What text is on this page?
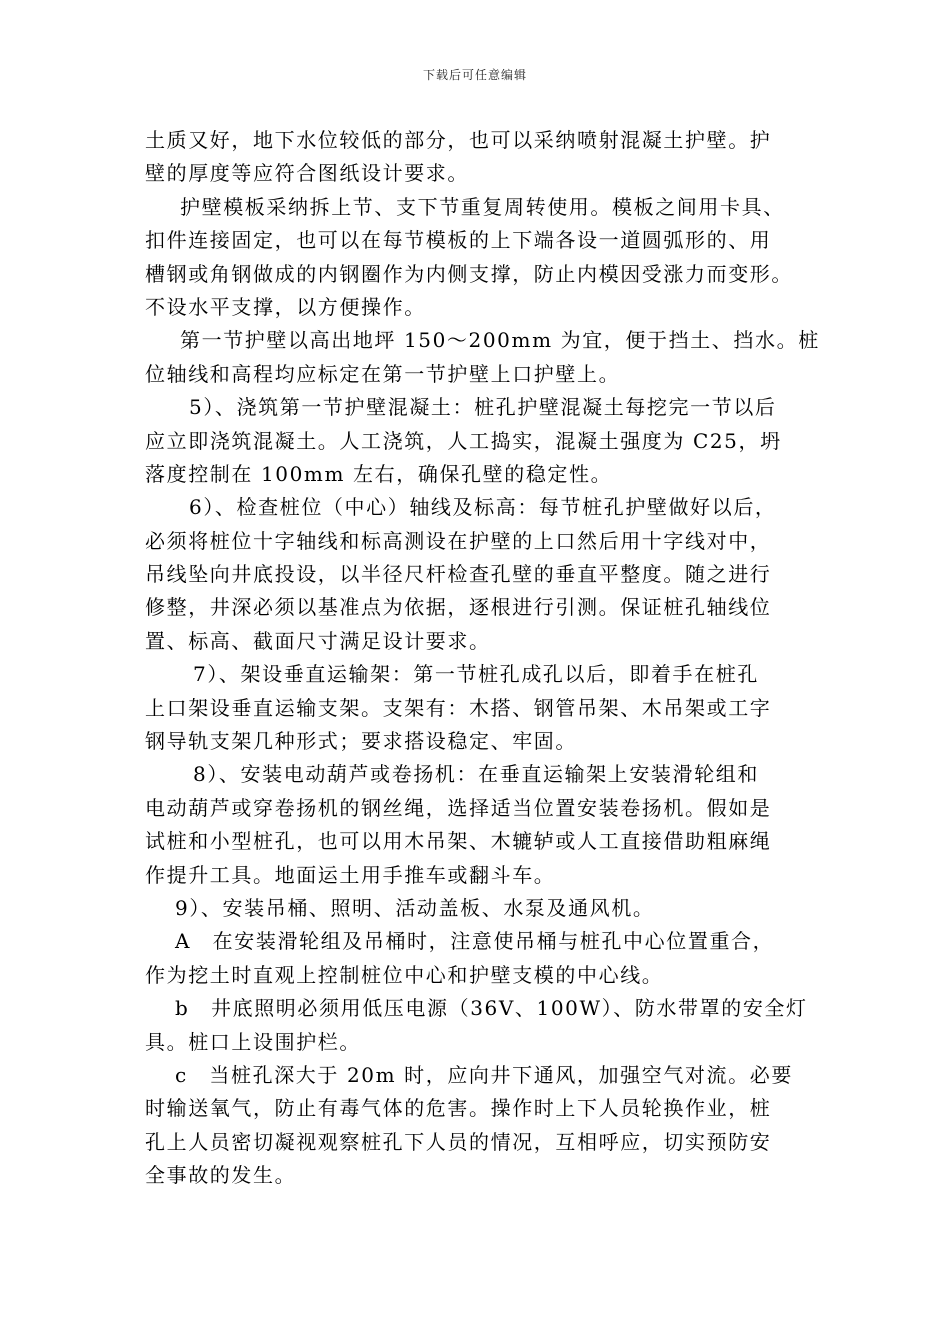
下载后可任意编辑
土质又好，地下水位较低的部分，也可以采纳喷射混凝土护壁。护
壁的厚度等应符合图纸设计要求。
护壁模板采纳拆上节、支下节重复周转使用。模板之间用卡具、
扣件连接固定，也可以在每节模板的上下端各设一道圆弧形的、用
槽钢或角钢做成的内钢圈作为内侧支撑，防止内模因受涨力而变形。
不设水平支撑，以方便操作。
第一节护壁以高出地坪 150～200mm 为宜，便于挡土、挡水。桩
位轴线和高程均应标定在第一节护壁上口护壁上。
5）、浇筑第一节护壁混凝土：桩孔护壁混凝土每挖完一节以后
应立即浇筑混凝土。人工浇筑，人工捣实，混凝土强度为 C25，坍
落度控制在 100mm 左右，确保孔壁的稳定性。
6）、检查桩位（中心）轴线及标高：每节桩孔护壁做好以后，
必须将桩位十字轴线和标高测设在护壁的上口然后用十字线对中，
吊线坠向井底投设，以半径尺杆检查孔壁的垂直平整度。随之进行
修整，井深必须以基准点为依据，逐根进行引测。保证桩孔轴线位
置、标高、截面尺寸满足设计要求。
7）、架设垂直运输架：第一节桩孔成孔以后，即着手在桩孔
上口架设垂直运输支架。支架有：木搭、钢管吊架、木吊架或工字
钢导轨支架几种形式；要求搭设稳定、牢固。
8）、安装电动葫芦或卷扬机：在垂直运输架上安装滑轮组和
电动葫芦或穿卷扬机的钢丝绳，选择适当位置安装卷扬机。假如是
试桩和小型桩孔，也可以用木吊架、木辘轳或人工直接借助粗麻绳
作提升工具。地面运土用手推车或翻斗车。
9）、安装吊桶、照明、活动盖板、水泵及通风机。
A　在安装滑轮组及吊桶时，注意使吊桶与桩孔中心位置重合，
作为挖土时直观上控制桩位中心和护壁支模的中心线。
b　井底照明必须用低压电源（36V、100W）、防水带罩的安全灯
具。桩口上设围护栏。
c　当桩孔深大于 20m 时，应向井下通风，加强空气对流。必要
时输送氧气，防止有毒气体的危害。操作时上下人员轮换作业，桩
孔上人员密切凝视观察桩孔下人员的情况，互相呼应，切实预防安
全事故的发生。
